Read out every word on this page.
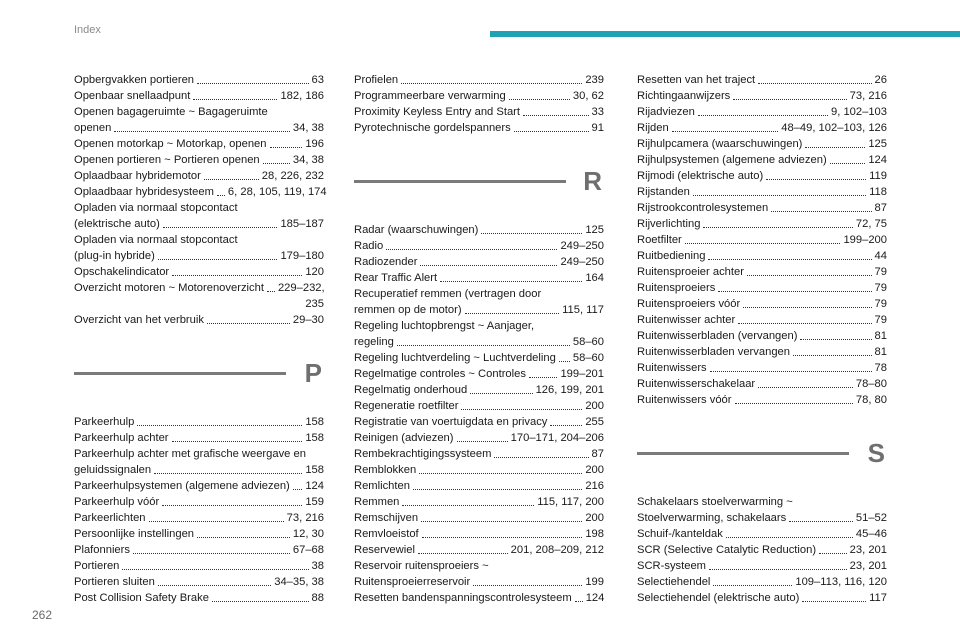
Index
Opbergvakken portieren	63
Openbaar snellaadpunt	182, 186
Openen bagageruimte ~ Bagageruimte
openen	34, 38
Openen motorkap ~ Motorkap, openen	196
Openen portieren ~ Portieren openen	34, 38
Oplaadbaar hybridemotor	28, 226, 232
Oplaadbaar hybridesysteem 6, 28, 105, 119, 174
Opladen via normaal stopcontact
(elektrische auto)	185–187
Opladen via normaal stopcontact
(plug-in hybride)	179–180
Opschakelindicator	120
Overzicht motoren ~ Motorenoverzicht 229–232,
235
Overzicht van het verbruik	29–30
P
Parkeerhulp	158
Parkeerhulp achter	158
Parkeerhulp achter met grafische weergave en
geluidssignalen	158
Parkeerhulpsystemen (algemene adviezen) 124
Parkeerhulp vóór	159
Parkeerlichten	73, 216
Persoonlijke instellingen	12, 30
Plafonniers	67–68
Portieren	38
Portieren sluiten	34–35, 38
Post Collision Safety Brake	88
Profielen	239
Programmeerbare verwarming	30, 62
Proximity Keyless Entry and Start	33
Pyrotechnische gordelspanners	91
R
Radar (waarschuwingen)	125
Radio	249–250
Radiozender	249–250
Rear Traffic Alert	164
Recuperatief remmen (vertragen door
remmen op de motor)	115, 117
Regeling luchtopbrengst ~ Aanjager,
regeling	58–60
Regeling luchtverdeling ~ Luchtverdeling 58–60
Regelmatige controles ~ Controles	199–201
Regelmatig onderhoud	126, 199, 201
Regeneratie roetfilter	200
Registratie van voertuigdata en privacy	255
Reinigen (adviezen)	170–171, 204–206
Rembekrachtigingssysteem	87
Remblokken	200
Remlichten	216
Remmen	115, 117, 200
Remschijven	200
Remvloeistof	198
Reservewiel	201, 208–209, 212
Reservoir ruitensproeiers ~
Ruitensproeierreservoir	199
Resetten bandenspanningscontrolesysteem 124
Resetten van het traject	26
Richtingaanwijzers	73, 216
Rijadviezen	9, 102–103
Rijden	48–49, 102–103, 126
Rijhulpcamera (waarschuwingen)	125
Rijhulpsystemen (algemene adviezen)	124
Rijmodi (elektrische auto)	119
Rijstanden	118
Rijstrookcontrolesystemen	87
Rijverlichting	72, 75
Roetfilter	199–200
Ruitbediening	44
Ruitensproeier achter	79
Ruitensproeiers	79
Ruitensproeiers vóór	79
Ruitenwisser achter	79
Ruitenwisserbladen (vervangen)	81
Ruitenwisserbladen vervangen	81
Ruitenwissers	78
Ruitenwisserschakelaar	78–80
Ruitenwissers vóór	78, 80
S
Schakelaars stoelverwarming ~
Stoelverwarming, schakelaars	51–52
Schuif-/kanteldak	45–46
SCR (Selective Catalytic Reduction)	23, 201
SCR-systeem	23, 201
Selectiehendel	109–113, 116, 120
Selectiehendel (elektrische auto)	117
262
